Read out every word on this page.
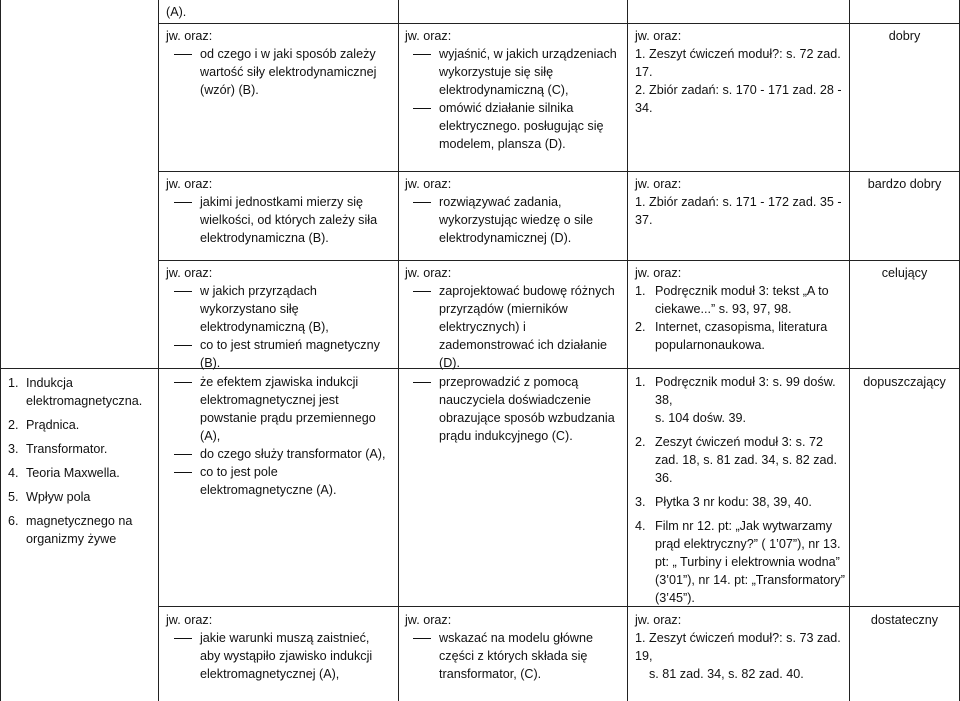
1. Indukcja elektromagnetyczna.
2. Prądnica.
3. Transformator.
4. Teoria Maxwella.
5. Wpływ pola
6. magnetycznego na organizmy żywe
(A).

jw. oraz:

od czego i w jaki sposób zależy wartość siły elektrodynamicznej (wzór) (B).

jw. oraz:

wyjaśnić, w jakich urządzeniach wykorzystuje się siłę elektrodynamiczną (C),

omówić działanie silnika elektrycznego. posługując się modelem, plansza (D).

jw. oraz:

1. Zeszyt ćwiczeń moduł?: s. 72 zad. 17.

2. Zbiór zadań: s. 170 - 171 zad. 28 - 34.

dobry

jw. oraz:

jakimi jednostkami mierzy się wielkości, od których zależy siła elektrodynamiczna (B).

jw. oraz:

rozwiązywać zadania, wykorzystując wiedzę o sile elektrodynamicznej (D).

jw. oraz:

1. Zbiór zadań: s. 171 - 172 zad. 35 - 37.

bardzo dobry

jw. oraz:

w jakich przyrządach wykorzystano siłę elektrodynamiczną (B),

co to jest strumień magnetyczny (B).

jw. oraz:

zaprojektować budowę różnych przyrządów (mierników elektrycznych) i zademonstrować ich działanie (D).

jw. oraz:

1. Podręcznik moduł 3: tekst „A to ciekawe...” s. 93, 97, 98.
2. Internet, czasopisma, literatura popularnonaukowa.
celujący

że efektem zjawiska indukcji elektromagnetycznej jest powstanie prądu przemiennego (A),

do czego służy transformator (A),

co to jest pole elektromagnetyczne (A).

przeprowadzić z pomocą nauczyciela doświadczenie obrazujące sposób wzbudzania prądu indukcyjnego (C).

1. Podręcznik moduł 3: s. 99 dośw. 38,
s. 104 dośw. 39.
2. Zeszyt ćwiczeń moduł 3: s. 72 zad. 18, s. 81 zad. 34, s. 82 zad. 36.
3. Płytka 3 nr kodu: 38, 39, 40.
4. Film nr 12. pt: „Jak wytwarzamy prąd elektryczny?” ( 1‛07”), nr 13. pt: „ Turbiny i elektrownia wodna” (3‛01”), nr 14. pt: „Transformatory” (3‛45”).
dopuszczający

jw. oraz:

jakie warunki muszą zaistnieć, aby wystąpiło zjawisko indukcji elektromagnetycznej (A),

jw. oraz:

wskazać na modelu główne części z których składa się transformator, (C).

jw. oraz:

1. Zeszyt ćwiczeń moduł?: s. 73 zad. 19,

s. 81 zad. 34, s. 82 zad. 40.

dostateczny
